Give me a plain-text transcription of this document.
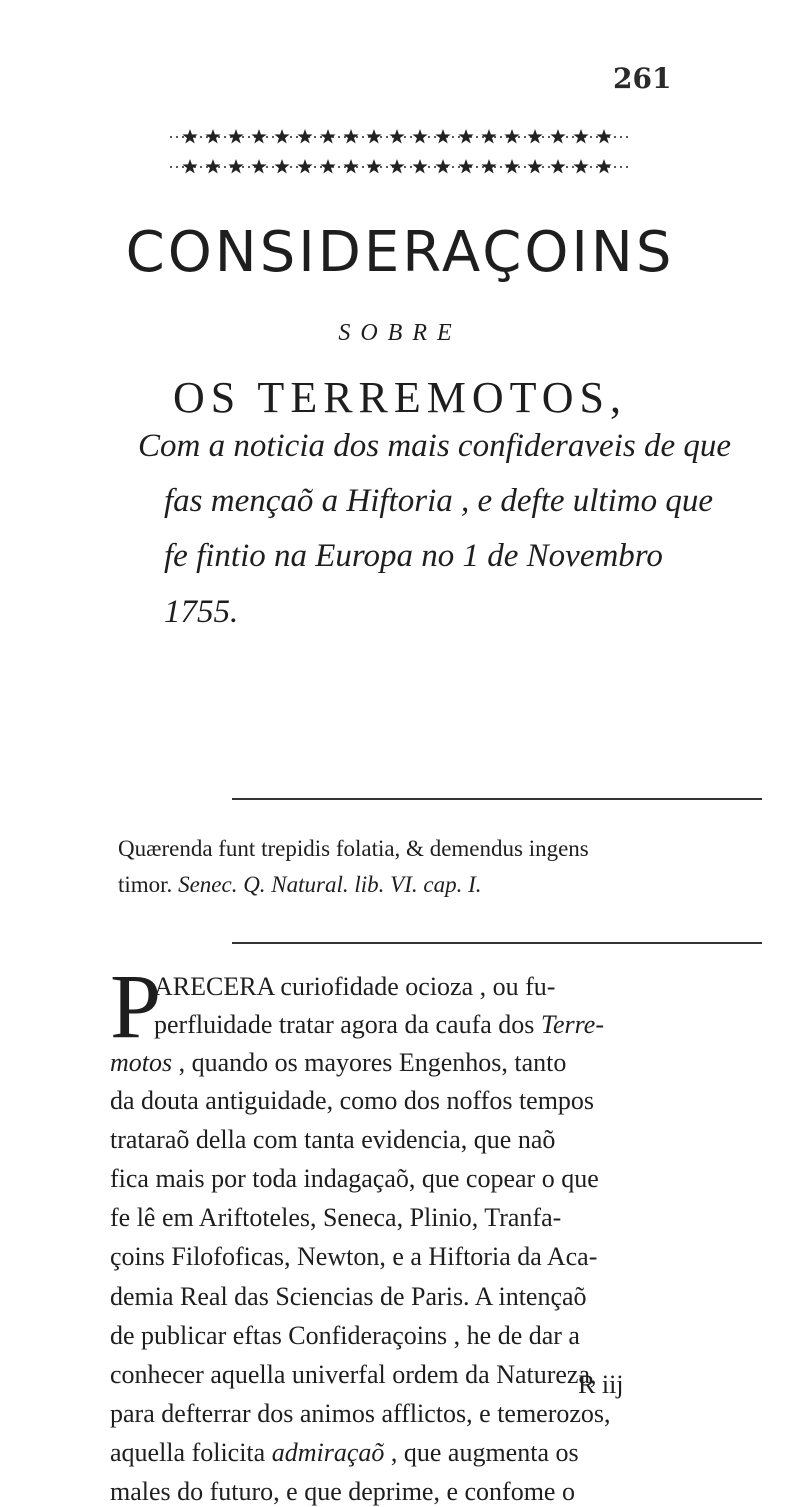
261
CONSIDERAÇOINS
SOBRE
OS TERREMOTOS,
Com a noticia dos mais confideraveis de que
fas mençaõ a Hiftoria , e defte ultimo que
fe fintio na Europa no 1 de Novembro
1755.
Quærenda funt trepidis folatia, & demendus ingens
timor. Senec. Q. Natural. lib. VI. cap. I.
P
ARECERA curiofidade ocioza , ou fu-
perfluidade tratar agora da caufa dos Terre-
motos , quando os mayores Engenhos, tanto
da douta antiguidade, como dos noffos tempos
trataraõ della com tanta evidencia, que naõ
fica mais por toda indagaçaõ, que copear o que
fe lê em Ariftoteles, Seneca, Plinio, Tranfa-
çoins Filofoficas, Newton, e a Hiftoria da Aca-
demia Real das Sciencias de Paris. A intençaõ
de publicar eftas Confideraçoins , he de dar a
conhecer aquella univerfal ordem da Natureza,
para defterrar dos animos afflictos, e temerozos,
aquella folicita admiraçaõ , que augmenta os
males do futuro, e que deprime, e confome o
R iij
